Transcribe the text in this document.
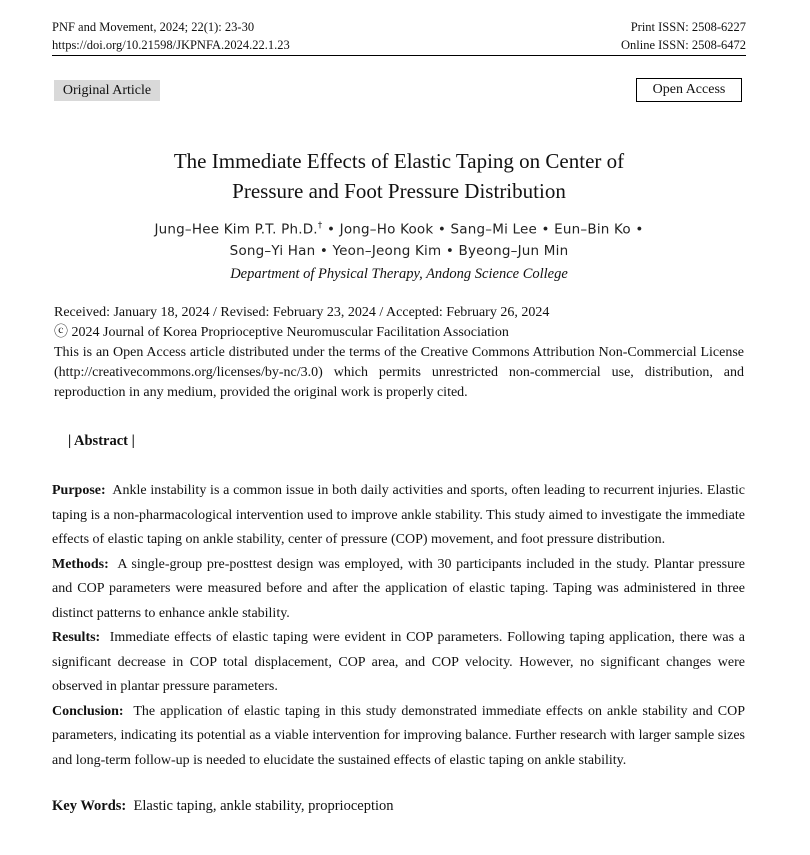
PNF and Movement, 2024; 22(1): 23-30
https://doi.org/10.21598/JKPNFA.2024.22.1.23
Print ISSN: 2508-6227
Online ISSN: 2508-6472
Original Article	Open Access
The Immediate Effects of Elastic Taping on Center of
Pressure and Foot Pressure Distribution
Jung–Hee Kim P.T. Ph.D.† • Jong–Ho Kook • Sang–Mi Lee • Eun–Bin Ko •
Song–Yi Han • Yeon–Jeong Kim • Byeong–Jun Min
Department of Physical Therapy, Andong Science College
Received: January 18, 2024 / Revised: February 23, 2024 / Accepted: February 26, 2024
ⓒ 2024 Journal of Korea Proprioceptive Neuromuscular Facilitation Association
This is an Open Access article distributed under the terms of the Creative Commons Attribution Non-Commercial License (http://creativecommons.org/licenses/by-nc/3.0) which permits unrestricted non-commercial use, distribution, and reproduction in any medium, provided the original work is properly cited.
| Abstract |

Purpose: Ankle instability is a common issue in both daily activities and sports, often leading to recurrent injuries. Elastic taping is a non-pharmacological intervention used to improve ankle stability. This study aimed to investigate the immediate effects of elastic taping on ankle stability, center of pressure (COP) movement, and foot pressure distribution.

Methods: A single-group pre-posttest design was employed, with 30 participants included in the study. Plantar pressure and COP parameters were measured before and after the application of elastic taping. Taping was administered in three distinct patterns to enhance ankle stability.

Results: Immediate effects of elastic taping were evident in COP parameters. Following taping application, there was a significant decrease in COP total displacement, COP area, and COP velocity. However, no significant changes were observed in plantar pressure parameters.

Conclusion: The application of elastic taping in this study demonstrated immediate effects on ankle stability and COP parameters, indicating its potential as a viable intervention for improving balance. Further research with larger sample sizes and long-term follow-up is needed to elucidate the sustained effects of elastic taping on ankle stability.

Key Words: Elastic taping, ankle stability, proprioception
